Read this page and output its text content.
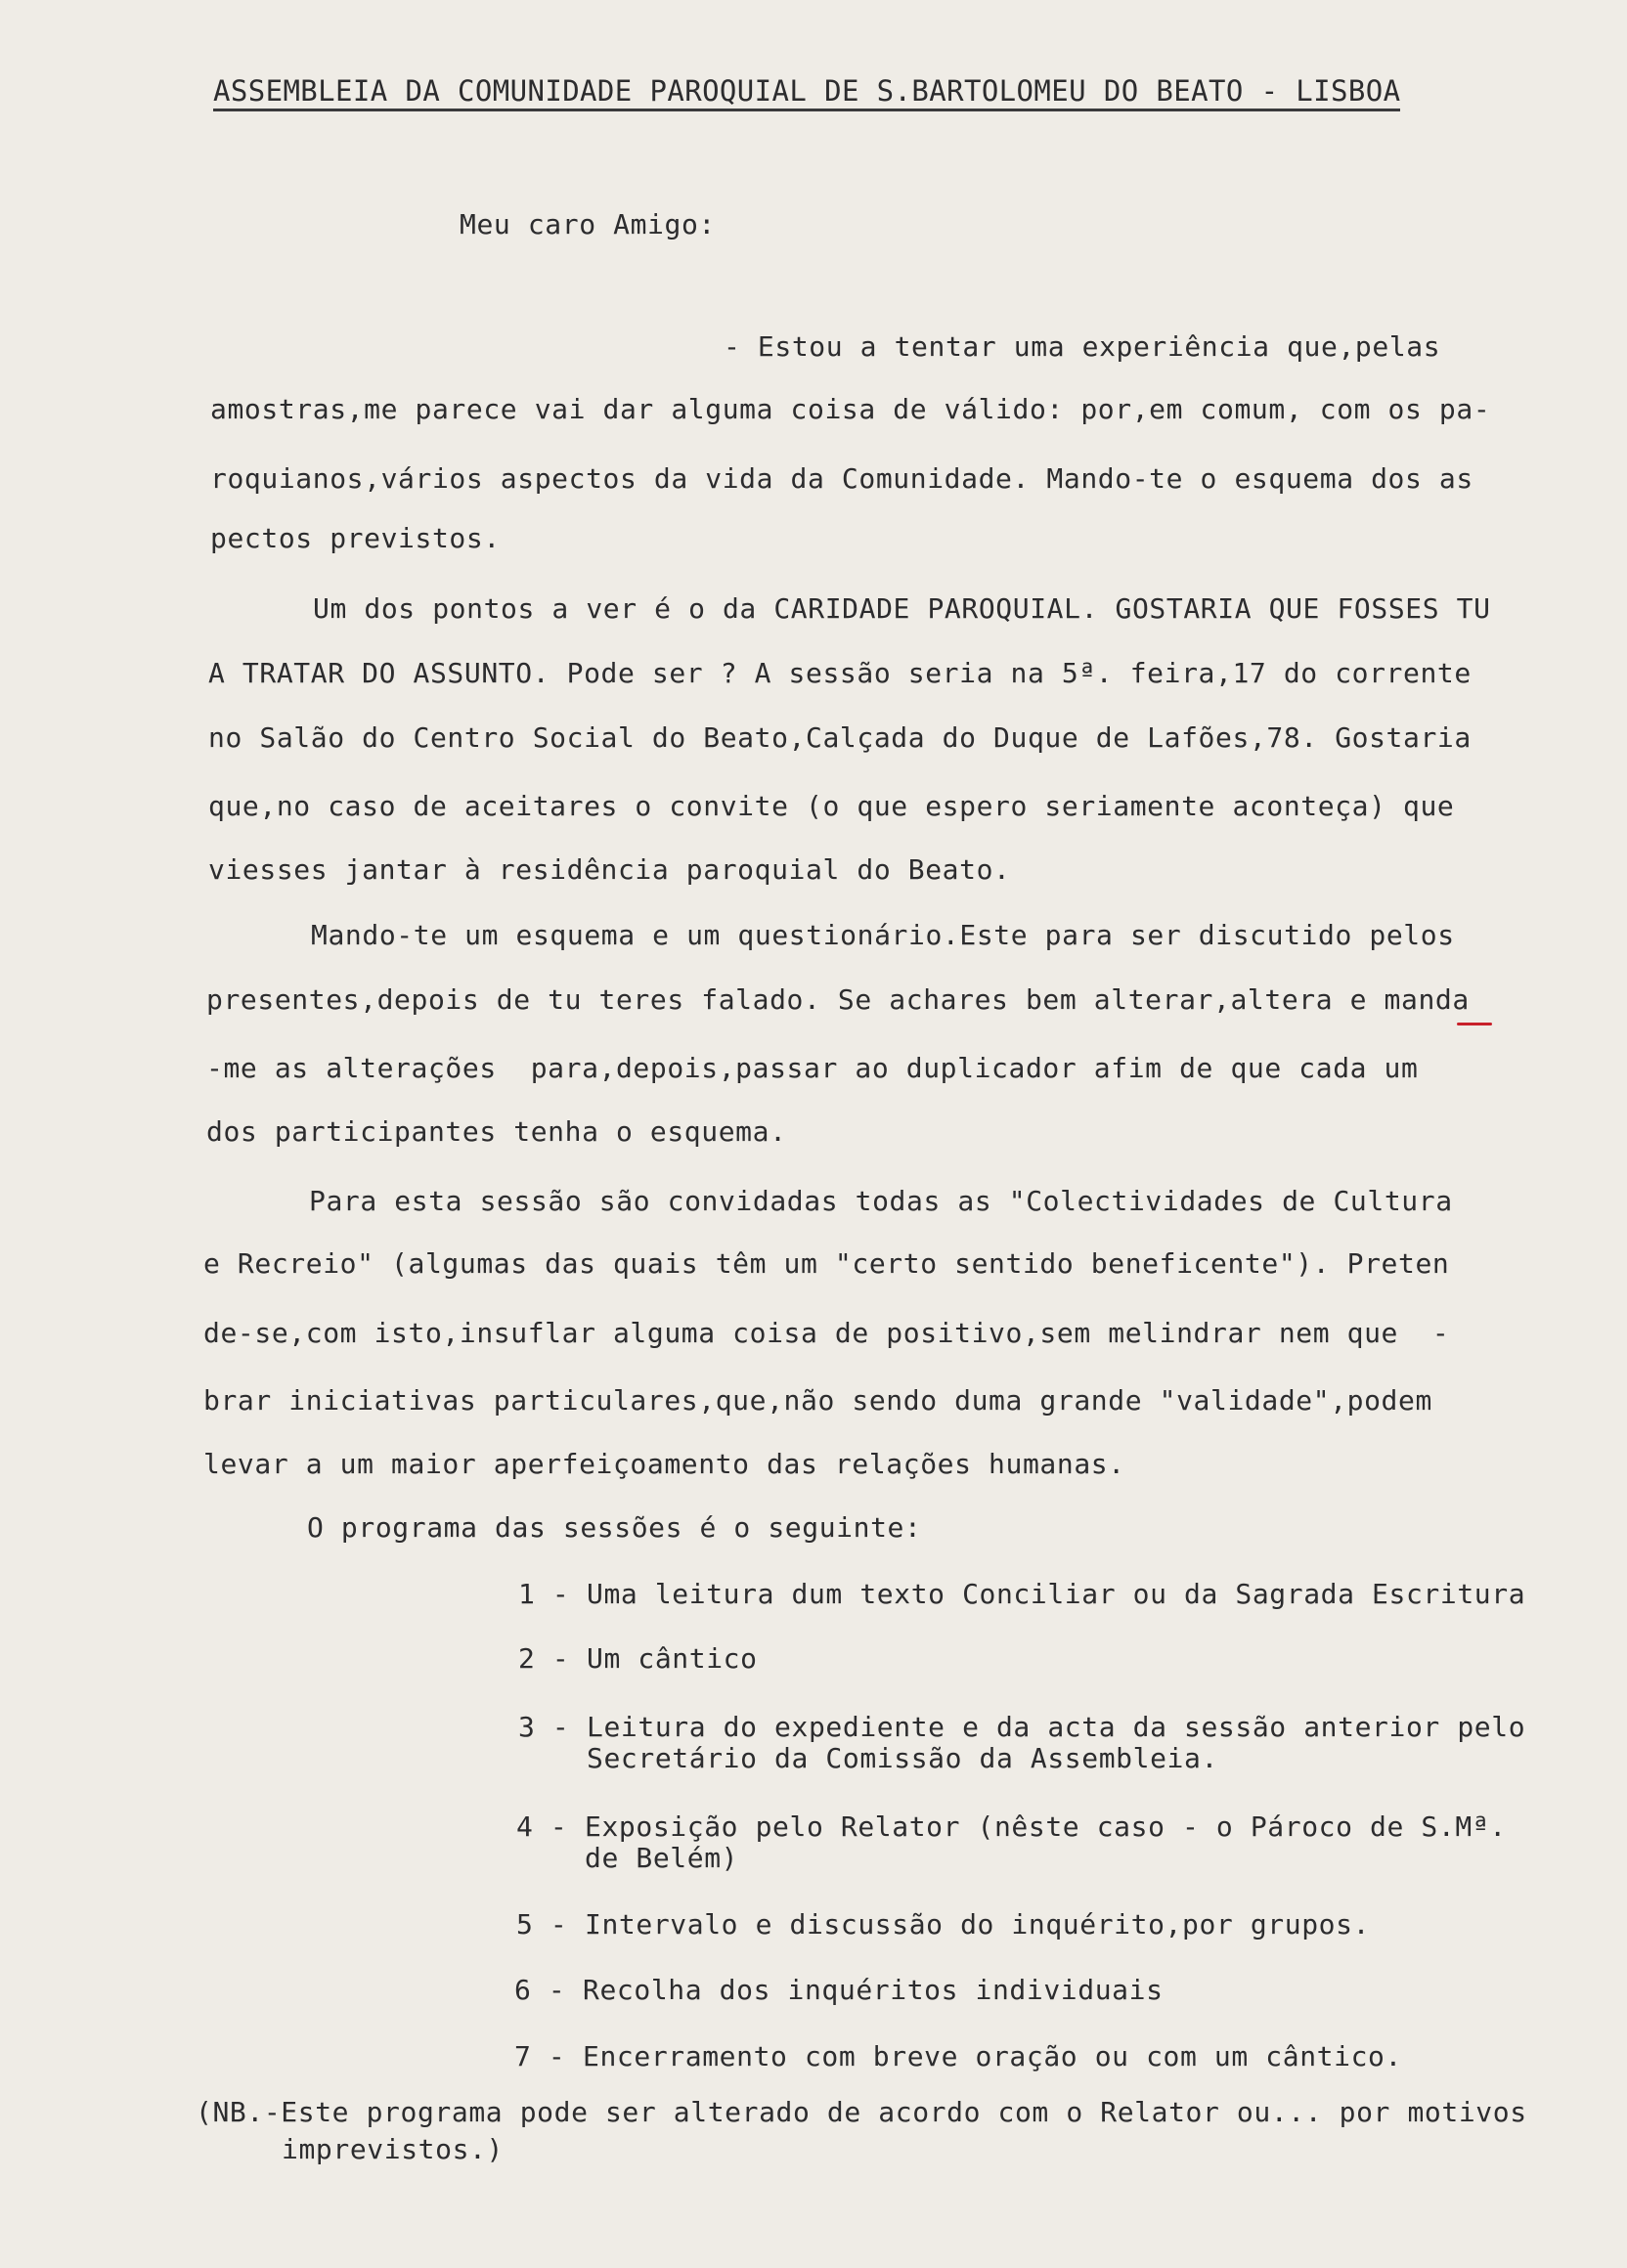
ASSEMBLEIA DA COMUNIDADE PAROQUIAL DE S.BARTOLOMEU DO BEATO - LISBOA
Meu caro Amigo:
- Estou a tentar uma experiência que,pelas
amostras,me parece vai dar alguma coisa de válido: por,em comum, com os pa-
roquianos,vários aspectos da vida da Comunidade. Mando-te o esquema dos as
pectos previstos.
Um dos pontos a ver é o da CARIDADE PAROQUIAL. GOSTARIA QUE FOSSES TU
A TRATAR DO ASSUNTO. Pode ser ? A sessão seria na 5ª. feira,17 do corrente
no Salão do Centro Social do Beato,Calçada do Duque de Lafões,78. Gostaria
que,no caso de aceitares o convite (o que espero seriamente aconteça) que
viesses jantar à residência paroquial do Beato.
Mando-te um esquema e um questionário.Este para ser discutido pelos
presentes,depois de tu teres falado. Se achares bem alterar,altera e manda
-me as alterações  para,depois,passar ao duplicador afim de que cada um
dos participantes tenha o esquema.
Para esta sessão são convidadas todas as "Colectividades de Cultura
e Recreio" (algumas das quais têm um "certo sentido beneficente"). Preten
de-se,com isto,insuflar alguma coisa de positivo,sem melindrar nem que  -
brar iniciativas particulares,que,não sendo duma grande "validade",podem
levar a um maior aperfeiçoamento das relações humanas.
O programa das sessões é o seguinte:
1 - Uma leitura dum texto Conciliar ou da Sagrada Escritura
2 - Um cântico
3 - Leitura do expediente e da acta da sessão anterior pelo
Secretário da Comissão da Assembleia.
4 - Exposição pelo Relator (nêste caso - o Pároco de S.Mª.
de Belém)
5 - Intervalo e discussão do inquérito,por grupos.
6 - Recolha dos inquéritos individuais
7 - Encerramento com breve oração ou com um cântico.
(NB.-Este programa pode ser alterado de acordo com o Relator ou... por motivos
imprevistos.)
